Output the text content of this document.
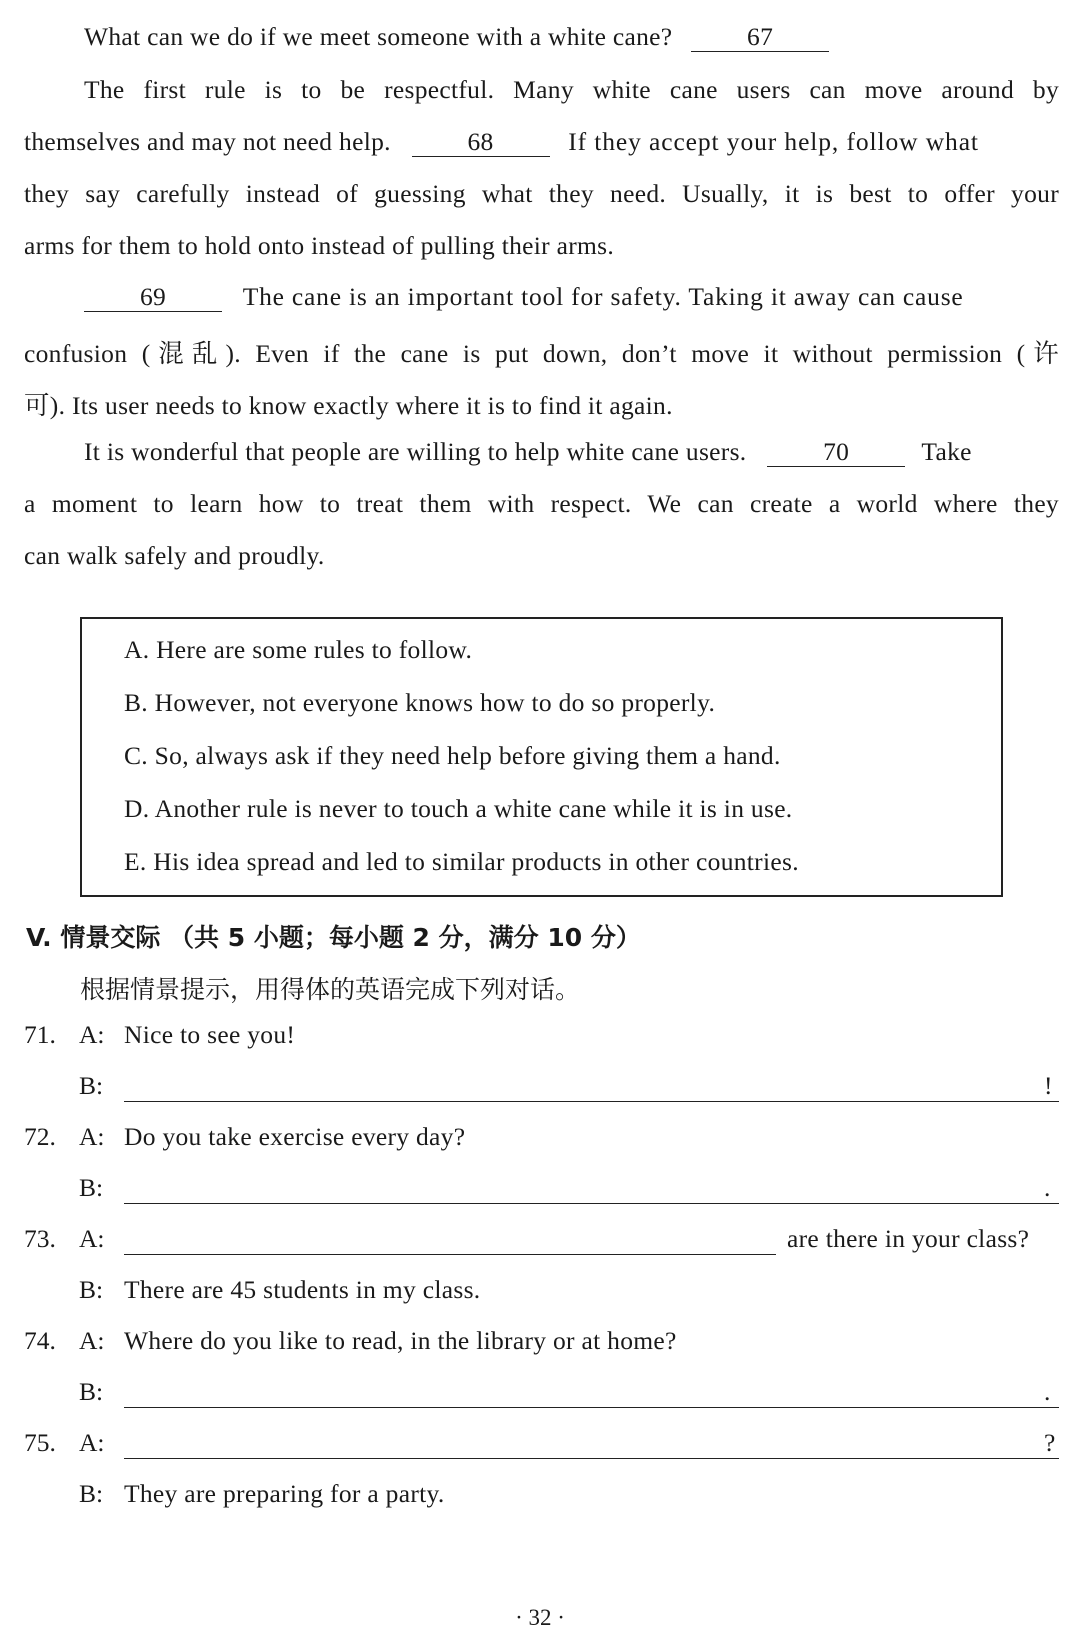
What can we do if we meet someone with a white cane?	67
The first rule is to be respectful. Many white cane users can move around by
themselves and may not need help.	68	If they accept your help, follow what
they say carefully instead of guessing what they need. Usually, it is best to offer your
arms for them to hold onto instead of pulling their arms.
69	The cane is an important tool for safety. Taking it away can cause
confusion (混乱). Even if the cane is put down, don’t move it without permission (许
可). Its user needs to know exactly where it is to find it again.
It is wonderful that people are willing to help white cane users.	70	Take
a moment to learn how to treat them with respect. We can create a world where they
can walk safely and proudly.
A. Here are some rules to follow.
B. However, not everyone knows how to do so properly.
C. So, always ask if they need help before giving them a hand.
D. Another rule is never to touch a white cane while it is in use.
E. His idea spread and led to similar products in other countries.
V. 情景交际 （共 5 小题；每小题 2 分，满分 10 分）
根据情景提示，用得体的英语完成下列对话。
71. A: Nice to see you!
B:	!
72. A: Do you take exercise every day?
B:	.
73. A:	are there in your class?
B: There are 45 students in my class.
74. A: Where do you like to read, in the library or at home?
B:	.
75. A:	?
B: They are preparing for a party.
· 32 ·
